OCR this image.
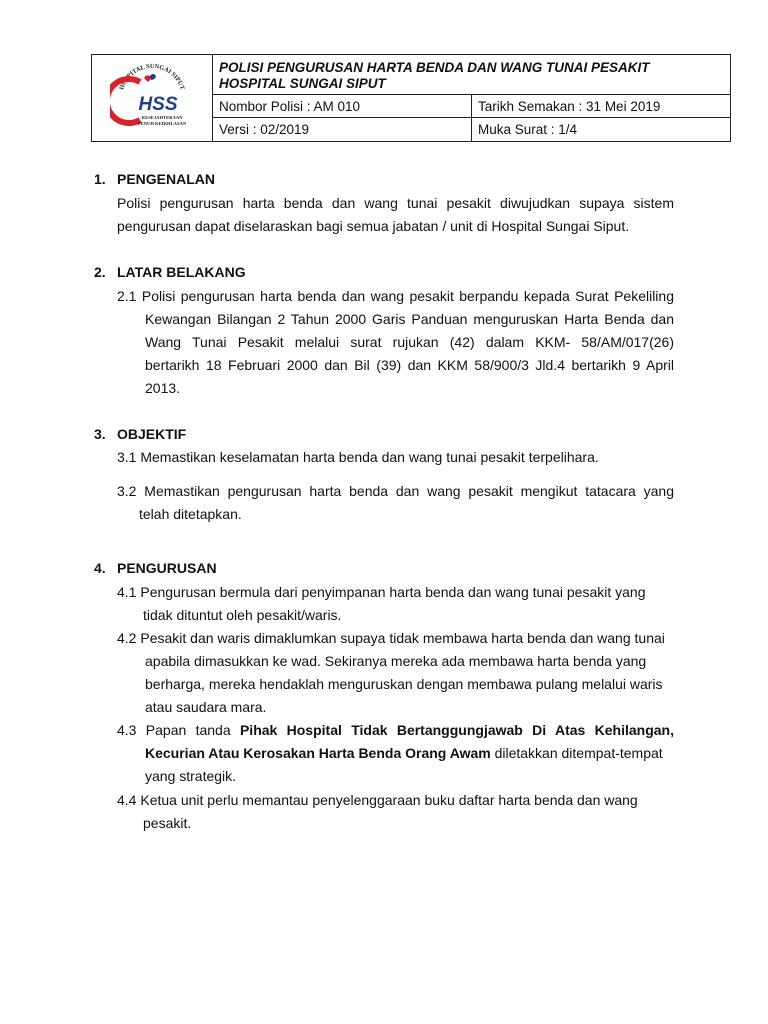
HOSPITAL SUNGAI SIPUT
HSS
KESEJAHTERAAN
PENUH KEIKHLASAN	POLISI PENGURUSAN HARTA BENDA DAN WANG TUNAI PESAKIT
HOSPITAL SUNGAI SIPUT	

	Nombor Polisi : AM 010	Tarikh Semakan : 31 Mei 2019
	Versi : 02/2019	Muka Surat : 1/4
1. PENGENALAN
Polisi pengurusan harta benda dan wang tunai pesakit diwujudkan supaya sistem
pengurusan dapat diselaraskan bagi semua jabatan / unit di Hospital Sungai Siput.
2. LATAR BELAKANG
2.1 Polisi pengurusan harta benda dan wang pesakit berpandu kepada Surat Pekeliling
Kewangan Bilangan 2 Tahun 2000 Garis Panduan menguruskan Harta Benda dan
Wang Tunai Pesakit melalui surat rujukan (42) dalam KKM- 58/AM/017(26)
bertarikh 18 Februari 2000 dan Bil (39) dan KKM 58/900/3 Jld.4 bertarikh 9 April
2013.
3. OBJEKTIF
3.1 Memastikan keselamatan harta benda dan wang tunai pesakit terpelihara.
3.2 Memastikan pengurusan harta benda dan wang pesakit mengikut tatacara yang
telah ditetapkan.
4. PENGURUSAN
4.1 Pengurusan bermula dari penyimpanan harta benda dan wang tunai pesakit yang
tidak dituntut oleh pesakit/waris.
4.2 Pesakit dan waris dimaklumkan supaya tidak membawa harta benda dan wang tunai
apabila dimasukkan ke wad. Sekiranya mereka ada membawa harta benda yang
berharga, mereka hendaklah menguruskan dengan membawa pulang melalui waris
atau saudara mara.
4.3 Papan tanda Pihak Hospital Tidak Bertanggungjawab Di Atas Kehilangan,
Kecurian Atau Kerosakan Harta Benda Orang Awam diletakkan ditempat-tempat
yang strategik.
4.4 Ketua unit perlu memantau penyelenggaraan buku daftar harta benda dan wang
pesakit.
